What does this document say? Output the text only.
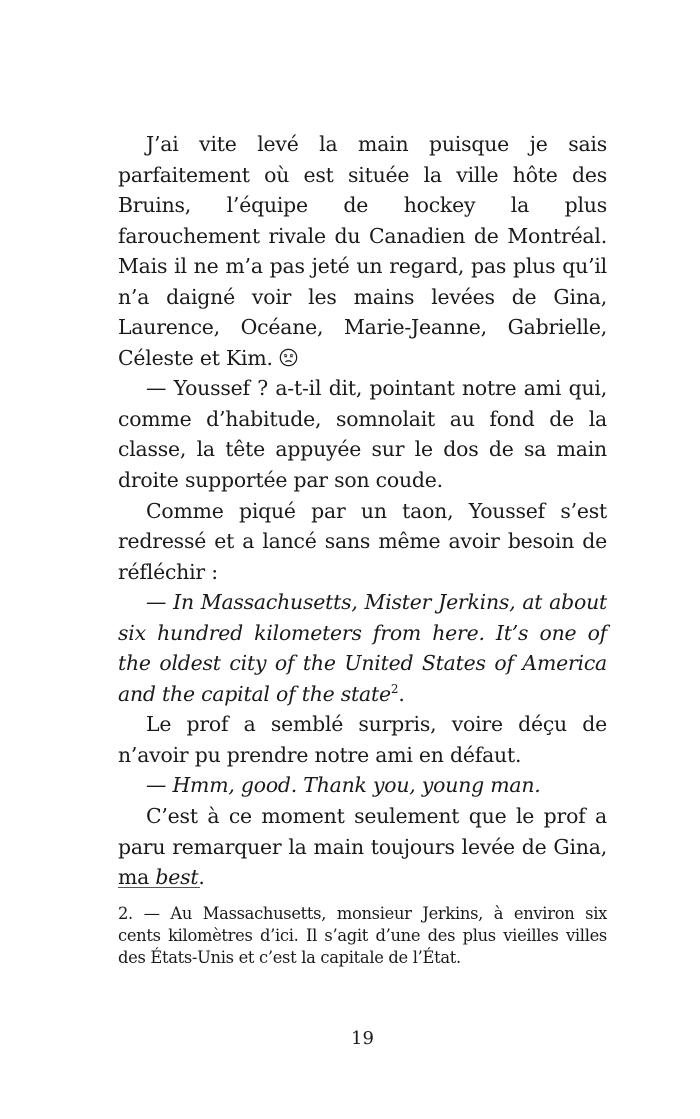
J’ai vite levé la main puisque je sais parfaitement où est située la ville hôte des Bruins, l’équipe de hockey la plus farouchement rivale du Canadien de Montréal. Mais il ne m’a pas jeté un regard, pas plus qu’il n’a daigné voir les mains levées de Gina, Laurence, Océane, Marie-Jeanne, Gabrielle, Céleste et Kim.

— Youssef ? a-t-il dit, pointant notre ami qui, comme d’habitude, somnolait au fond de la classe, la tête appuyée sur le dos de sa main droite supportée par son coude.

Comme piqué par un taon, Youssef s’est redressé et a lancé sans même avoir besoin de réfléchir :

— In Massachusetts, Mister Jerkins, at about six hundred kilometers from here. It’s one of the oldest city of the United States of America and the capital of the state$^2$.

Le prof a semblé surpris, voire déçu de n’avoir pu prendre notre ami en défaut.

— Hmm, good. Thank you, young man.

C’est à ce moment seulement que le prof a paru remarquer la main toujours levée de Gina, ma best.

2. — Au Massachusetts, monsieur Jerkins, à environ six cents kilomètres d’ici. Il s’agit d’une des plus vieilles villes des États-Unis et c’est la capitale de l’État.

19
